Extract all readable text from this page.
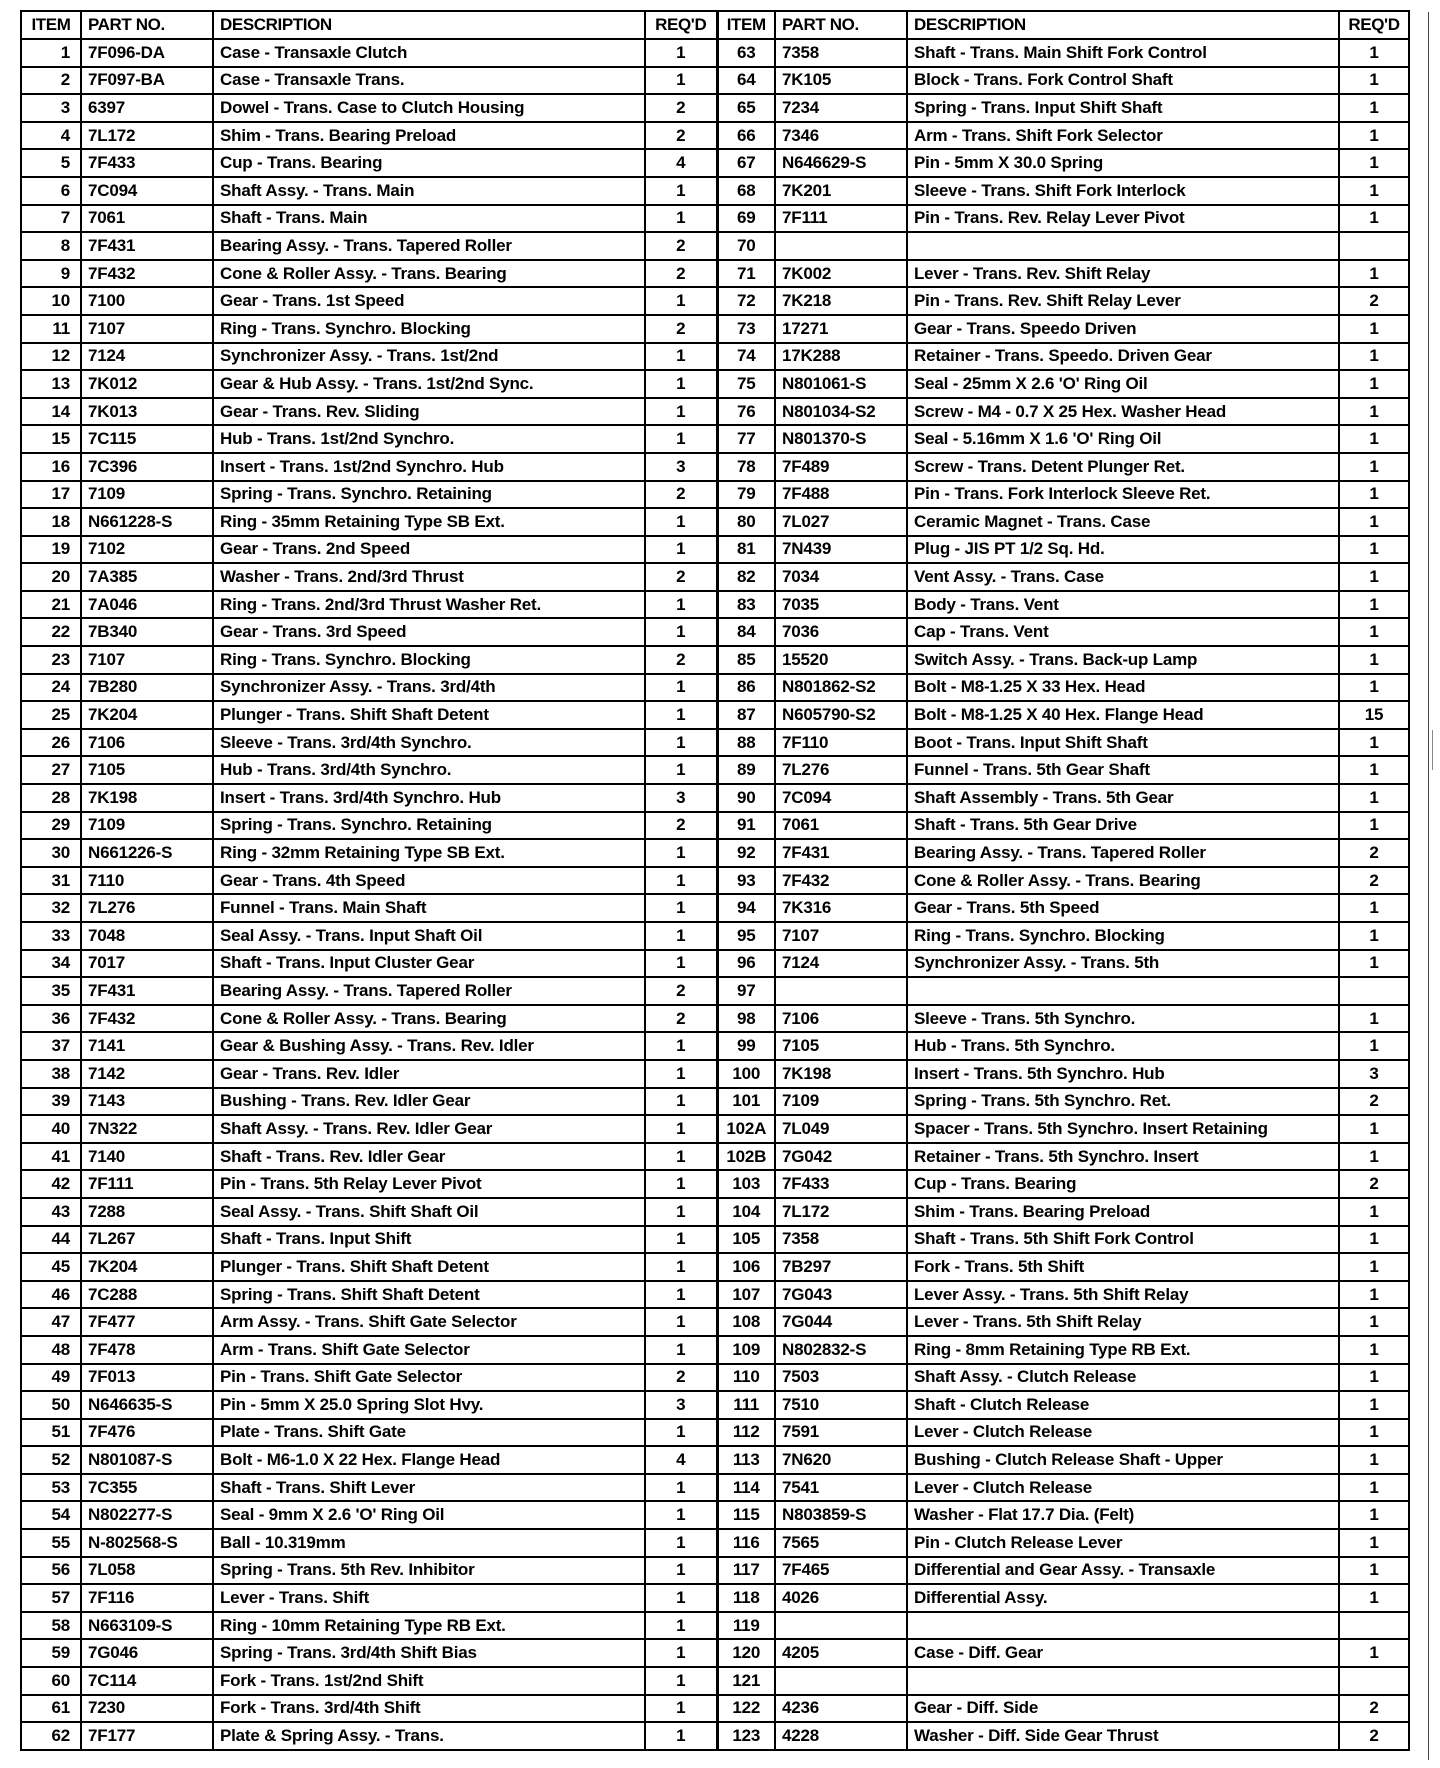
ITEM	PART NO.	DESCRIPTION	REQ'D	ITEM	PART NO.	DESCRIPTION	REQ'D
1	7F096-DA	Case - Transaxle Clutch	1	63	7358	Shaft - Trans. Main Shift Fork Control	1
2	7F097-BA	Case - Transaxle Trans.	1	64	7K105	Block - Trans. Fork Control Shaft	1
3	6397	Dowel - Trans. Case to Clutch Housing	2	65	7234	Spring - Trans. Input Shift Shaft	1
4	7L172	Shim - Trans. Bearing Preload	2	66	7346	Arm - Trans. Shift Fork Selector	1
5	7F433	Cup - Trans. Bearing	4	67	N646629-S	Pin - 5mm X 30.0 Spring	1
6	7C094	Shaft Assy. - Trans. Main	1	68	7K201	Sleeve - Trans. Shift Fork Interlock	1
7	7061	Shaft - Trans. Main	1	69	7F111	Pin - Trans. Rev. Relay Lever Pivot	1
8	7F431	Bearing Assy. - Trans. Tapered Roller	2	70			
9	7F432	Cone & Roller Assy. - Trans. Bearing	2	71	7K002	Lever - Trans. Rev. Shift Relay	1
10	7100	Gear - Trans. 1st Speed	1	72	7K218	Pin - Trans. Rev. Shift Relay Lever	2
11	7107	Ring - Trans. Synchro. Blocking	2	73	17271	Gear - Trans. Speedo Driven	1
12	7124	Synchronizer Assy. - Trans. 1st/2nd	1	74	17K288	Retainer - Trans. Speedo. Driven Gear	1
13	7K012	Gear & Hub Assy. - Trans. 1st/2nd Sync.	1	75	N801061-S	Seal - 25mm X 2.6 'O' Ring Oil	1
14	7K013	Gear - Trans. Rev. Sliding	1	76	N801034-S2	Screw - M4 - 0.7 X 25 Hex. Washer Head	1
15	7C115	Hub - Trans. 1st/2nd Synchro.	1	77	N801370-S	Seal - 5.16mm X 1.6 'O' Ring Oil	1
16	7C396	Insert - Trans. 1st/2nd Synchro. Hub	3	78	7F489	Screw - Trans. Detent Plunger Ret.	1
17	7109	Spring - Trans. Synchro. Retaining	2	79	7F488	Pin - Trans. Fork Interlock Sleeve Ret.	1
18	N661228-S	Ring - 35mm Retaining Type SB Ext.	1	80	7L027	Ceramic Magnet - Trans. Case	1
19	7102	Gear - Trans. 2nd Speed	1	81	7N439	Plug - JIS PT 1/2 Sq. Hd.	1
20	7A385	Washer - Trans. 2nd/3rd Thrust	2	82	7034	Vent Assy. - Trans. Case	1
21	7A046	Ring - Trans. 2nd/3rd Thrust Washer Ret.	1	83	7035	Body - Trans. Vent	1
22	7B340	Gear - Trans. 3rd Speed	1	84	7036	Cap - Trans. Vent	1
23	7107	Ring - Trans. Synchro. Blocking	2	85	15520	Switch Assy. - Trans. Back-up Lamp	1
24	7B280	Synchronizer Assy. - Trans. 3rd/4th	1	86	N801862-S2	Bolt - M8-1.25 X 33 Hex. Head	1
25	7K204	Plunger - Trans. Shift Shaft Detent	1	87	N605790-S2	Bolt - M8-1.25 X 40 Hex. Flange Head	15
26	7106	Sleeve - Trans. 3rd/4th Synchro.	1	88	7F110	Boot - Trans. Input Shift Shaft	1
27	7105	Hub - Trans. 3rd/4th Synchro.	1	89	7L276	Funnel - Trans. 5th Gear Shaft	1
28	7K198	Insert - Trans. 3rd/4th Synchro. Hub	3	90	7C094	Shaft Assembly - Trans. 5th Gear	1
29	7109	Spring - Trans. Synchro. Retaining	2	91	7061	Shaft - Trans. 5th Gear Drive	1
30	N661226-S	Ring - 32mm Retaining Type SB Ext.	1	92	7F431	Bearing Assy. - Trans. Tapered Roller	2
31	7110	Gear - Trans. 4th Speed	1	93	7F432	Cone & Roller Assy. - Trans. Bearing	2
32	7L276	Funnel - Trans. Main Shaft	1	94	7K316	Gear - Trans. 5th Speed	1
33	7048	Seal Assy. - Trans. Input Shaft Oil	1	95	7107	Ring - Trans. Synchro. Blocking	1
34	7017	Shaft - Trans. Input Cluster Gear	1	96	7124	Synchronizer Assy. - Trans. 5th	1
35	7F431	Bearing Assy. - Trans. Tapered Roller	2	97			
36	7F432	Cone & Roller Assy. - Trans. Bearing	2	98	7106	Sleeve - Trans. 5th Synchro.	1
37	7141	Gear & Bushing Assy. - Trans. Rev. Idler	1	99	7105	Hub - Trans. 5th Synchro.	1
38	7142	Gear - Trans. Rev. Idler	1	100	7K198	Insert - Trans. 5th Synchro. Hub	3
39	7143	Bushing - Trans. Rev. Idler Gear	1	101	7109	Spring - Trans. 5th Synchro. Ret.	2
40	7N322	Shaft Assy. - Trans. Rev. Idler Gear	1	102A	7L049	Spacer - Trans. 5th Synchro. Insert Retaining	1
41	7140	Shaft - Trans. Rev. Idler Gear	1	102B	7G042	Retainer - Trans. 5th Synchro. Insert	1
42	7F111	Pin - Trans. 5th Relay Lever Pivot	1	103	7F433	Cup - Trans. Bearing	2
43	7288	Seal Assy. - Trans. Shift Shaft Oil	1	104	7L172	Shim - Trans. Bearing Preload	1
44	7L267	Shaft - Trans. Input Shift	1	105	7358	Shaft - Trans. 5th Shift Fork Control	1
45	7K204	Plunger - Trans. Shift Shaft Detent	1	106	7B297	Fork - Trans. 5th Shift	1
46	7C288	Spring - Trans. Shift Shaft Detent	1	107	7G043	Lever Assy. - Trans. 5th Shift Relay	1
47	7F477	Arm Assy. - Trans. Shift Gate Selector	1	108	7G044	Lever - Trans. 5th Shift Relay	1
48	7F478	Arm - Trans. Shift Gate Selector	1	109	N802832-S	Ring - 8mm Retaining Type RB Ext.	1
49	7F013	Pin - Trans. Shift Gate Selector	2	110	7503	Shaft Assy. - Clutch Release	1
50	N646635-S	Pin - 5mm X 25.0 Spring Slot Hvy.	3	111	7510	Shaft - Clutch Release	1
51	7F476	Plate - Trans. Shift Gate	1	112	7591	Lever - Clutch Release	1
52	N801087-S	Bolt - M6-1.0 X 22 Hex. Flange Head	4	113	7N620	Bushing - Clutch Release Shaft - Upper	1
53	7C355	Shaft - Trans. Shift Lever	1	114	7541	Lever - Clutch Release	1
54	N802277-S	Seal - 9mm X 2.6 'O' Ring Oil	1	115	N803859-S	Washer - Flat 17.7 Dia. (Felt)	1
55	N-802568-S	Ball - 10.319mm	1	116	7565	Pin - Clutch Release Lever	1
56	7L058	Spring - Trans. 5th Rev. Inhibitor	1	117	7F465	Differential and Gear Assy. - Transaxle	1
57	7F116	Lever - Trans. Shift	1	118	4026	Differential Assy.	1
58	N663109-S	Ring - 10mm Retaining Type RB Ext.	1	119			
59	7G046	Spring - Trans. 3rd/4th Shift Bias	1	120	4205	Case - Diff. Gear	1
60	7C114	Fork - Trans. 1st/2nd Shift	1	121			
61	7230	Fork - Trans. 3rd/4th Shift	1	122	4236	Gear - Diff. Side	2
62	7F177	Plate & Spring Assy. - Trans.	1	123	4228	Washer - Diff. Side Gear Thrust	2
